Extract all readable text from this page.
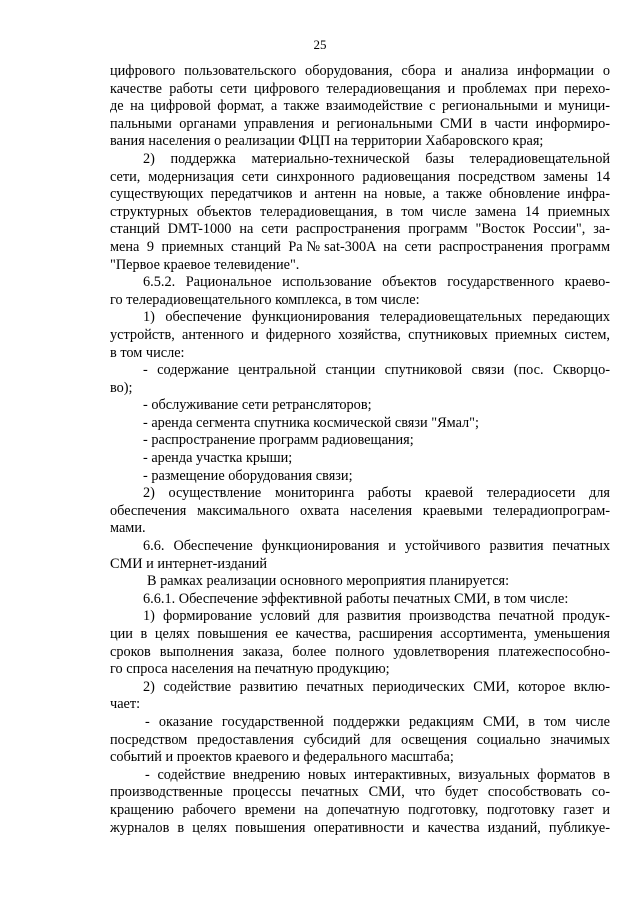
25

цифрового пользовательского оборудования, сбора и анализа информации о

качестве работы сети цифрового телерадиовещания и проблемах при перехо-

де на цифровой формат, а также взаимодействие с региональными и муници-

пальными органами управления и региональными СМИ в части информиро-

вания населения о реализации ФЦП на территории Хабаровского края;

2) поддержка материально-технической базы телерадиовещательной

сети, модернизация сети синхронного радиовещания посредством замены 14

существующих передатчиков и антенн на новые, а также обновление инфра-

структурных объектов телерадиовещания, в том числе замена 14 приемных

станций DMT-1000 на сети распространения программ "Восток России", за-

мена 9 приемных станций Pa№sat-300A на сети распространения программ

"Первое краевое телевидение".

6.5.2. Рациональное использование объектов государственного краево-

го телерадиовещательного комплекса, в том числе:

1) обеспечение функционирования телерадиовещательных передающих

устройств, антенного и фидерного хозяйства, спутниковых приемных систем,

в том числе:

- содержание центральной станции спутниковой связи (пос. Скворцо-

во);

- обслуживание сети ретрансляторов;

- аренда сегмента спутника космической связи "Ямал";

- распространение программ радиовещания;

- аренда участка крыши;

- размещение оборудования связи;

2) осуществление мониторинга работы краевой телерадиосети для

обеспечения максимального охвата населения краевыми телерадиопрограм-

мами.

6.6. Обеспечение функционирования и устойчивого развития печатных

СМИ и интернет-изданий

В рамках реализации основного мероприятия планируется:

6.6.1. Обеспечение эффективной работы печатных СМИ, в том числе:

1) формирование условий для развития производства печатной продук-

ции в целях повышения ее качества, расширения ассортимента, уменьшения

сроков выполнения заказа, более полного удовлетворения платежеспособно-

го спроса населения на печатную продукцию;

2) содействие развитию печатных периодических СМИ, которое вклю-

чает:

- оказание государственной поддержки редакциям СМИ, в том числе

посредством предоставления субсидий для освещения социально значимых

событий и проектов краевого и федерального масштаба;

- содействие внедрению новых интерактивных, визуальных форматов в

производственные процессы печатных СМИ, что будет способствовать со-

кращению рабочего времени на допечатную подготовку, подготовку газет и

журналов в целях повышения оперативности и качества изданий, публикуе-
